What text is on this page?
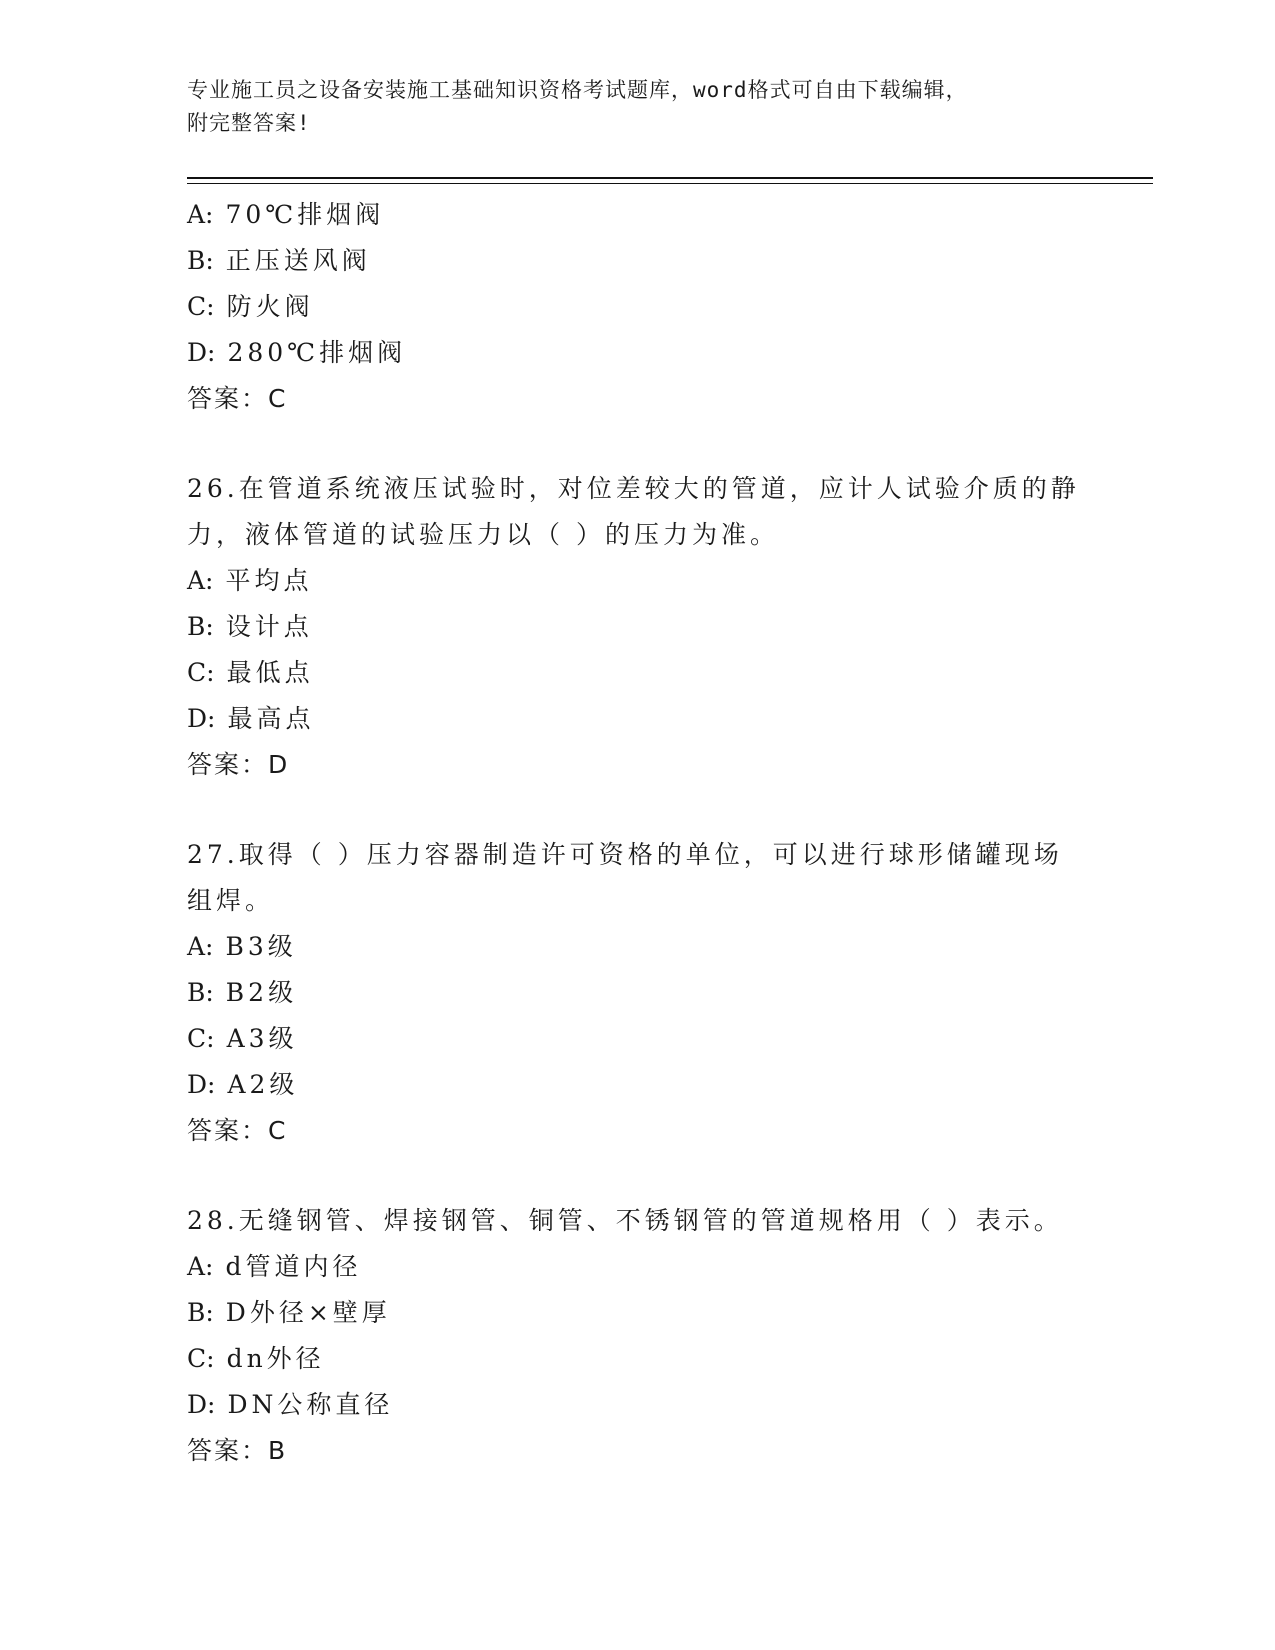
专业施工员之设备安装施工基础知识资格考试题库，word格式可自由下载编辑，
附完整答案!
A: 70℃排烟阀
B: 正压送风阀
C: 防火阀
D: 280℃排烟阀
答案：C
26.在管道系统液压试验时，对位差较大的管道，应计人试验介质的静
力，液体管道的试验压力以（ ）的压力为准。
A: 平均点
B: 设计点
C: 最低点
D: 最高点
答案：D
27.取得（ ）压力容器制造许可资格的单位，可以进行球形储罐现场
组焊。
A: B3级
B: B2级
C: A3级
D: A2级
答案：C
28.无缝钢管、焊接钢管、铜管、不锈钢管的管道规格用（ ）表示。
A: d管道内径
B: D外径×壁厚
C: dn外径
D: DN公称直径
答案：B
